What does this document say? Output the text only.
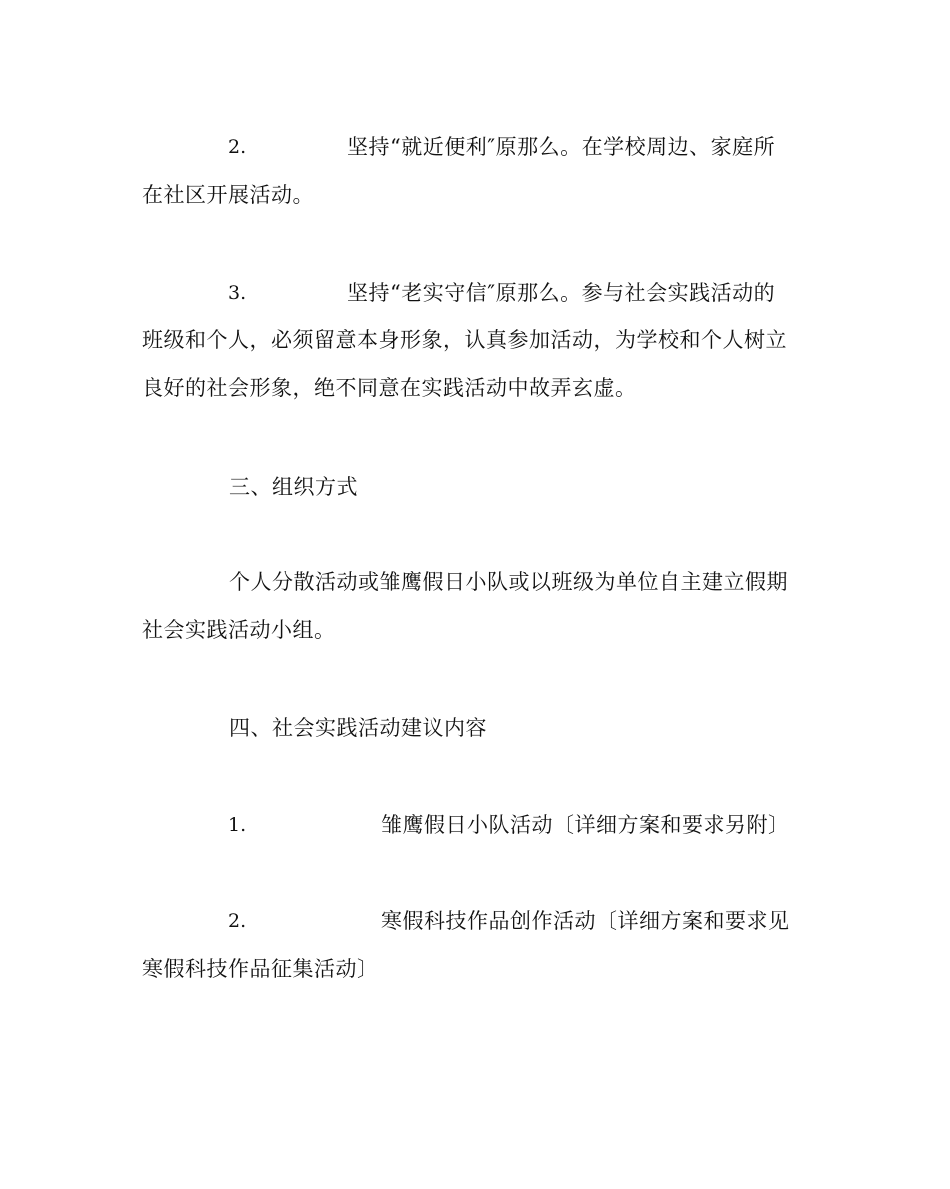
2.	坚持“就近便利″原那么。在学校周边、家庭所
在社区开展活动。
3.	坚持“老实守信″原那么。参与社会实践活动的
班级和个人，必须留意本身形象，认真参加活动，为学校和个人树立
良好的社会形象，绝不同意在实践活动中故弄玄虚。
三、组织方式
个人分散活动或雏鹰假日小队或以班级为单位自主建立假期
社会实践活动小组。
四、社会实践活动建议内容
1.	雏鹰假日小队活动〔详细方案和要求另附〕
2.	寒假科技作品创作活动〔详细方案和要求见
寒假科技作品征集活动〕
